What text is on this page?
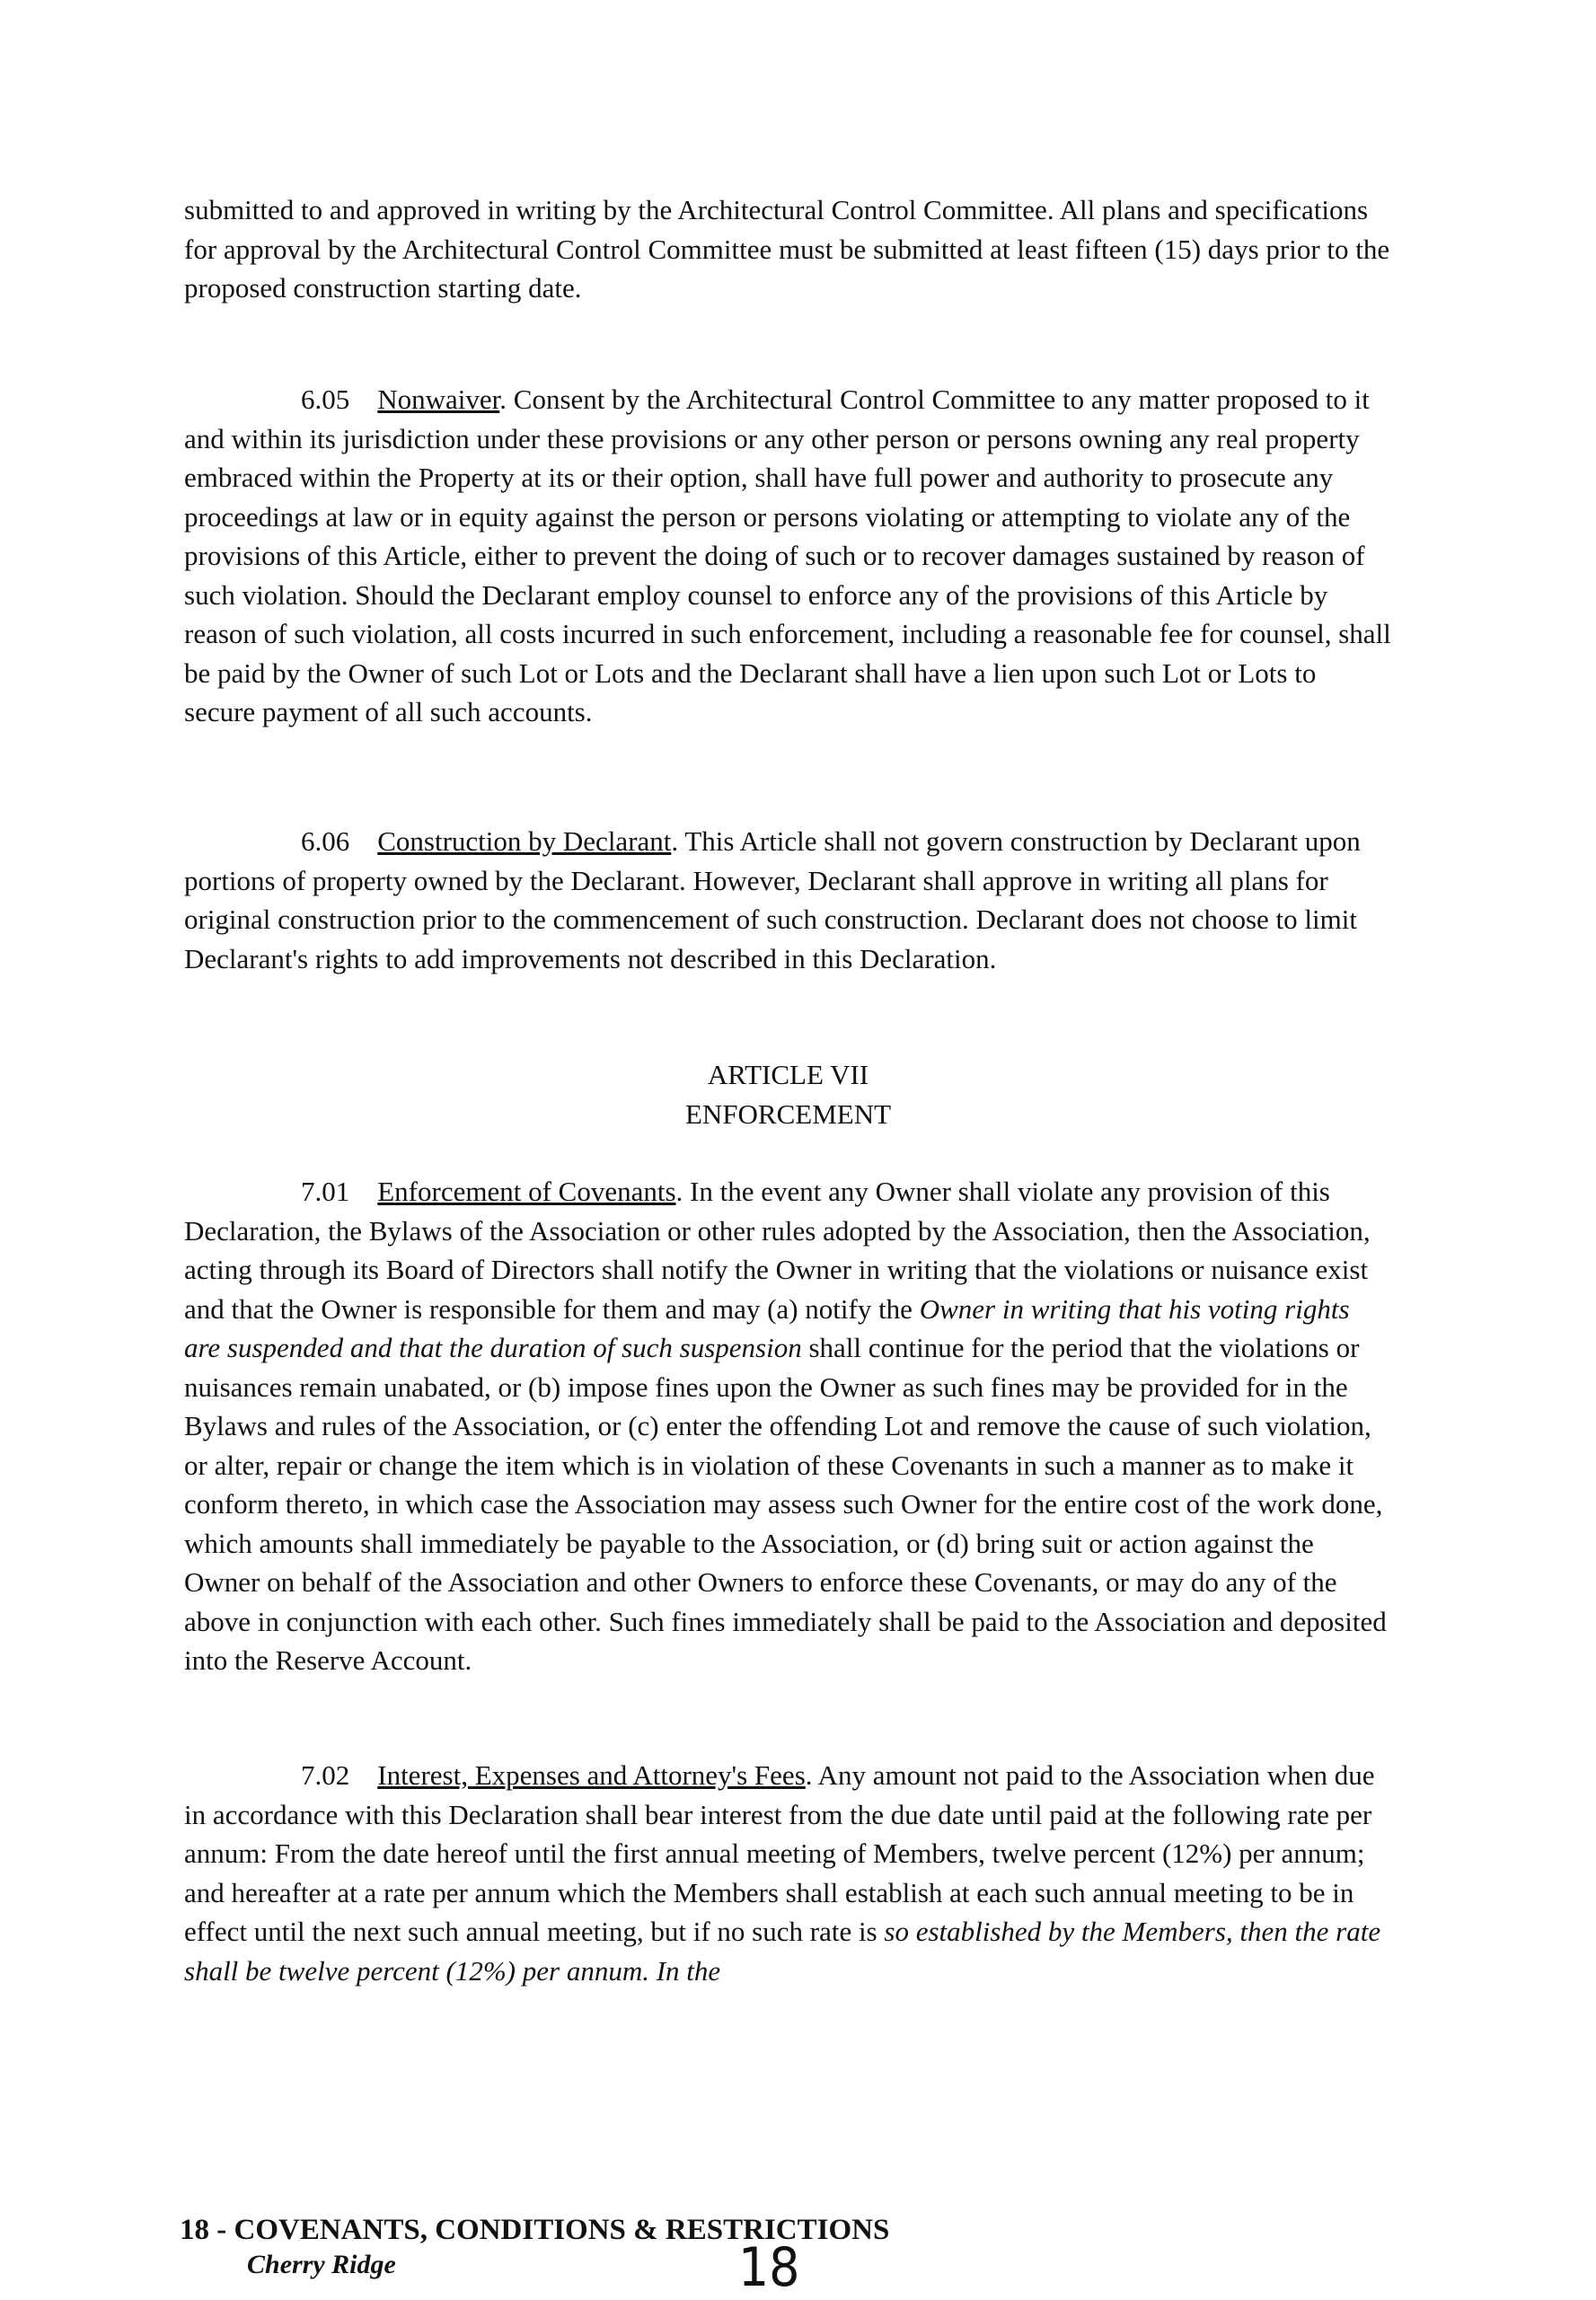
submitted to and approved in writing by the Architectural Control Committee. All plans and specifications for approval by the Architectural Control Committee must be submitted at least fifteen (15) days prior to the proposed construction starting date.

6.05 Nonwaiver. Consent by the Architectural Control Committee to any matter proposed to it and within its jurisdiction under these provisions or any other person or persons owning any real property embraced within the Property at its or their option, shall have full power and authority to prosecute any proceedings at law or in equity against the person or persons violating or attempting to violate any of the provisions of this Article, either to prevent the doing of such or to recover damages sustained by reason of such violation. Should the Declarant employ counsel to enforce any of the provisions of this Article by reason of such violation, all costs incurred in such enforcement, including a reasonable fee for counsel, shall be paid by the Owner of such Lot or Lots and the Declarant shall have a lien upon such Lot or Lots to secure payment of all such accounts.

6.06 Construction by Declarant. This Article shall not govern construction by Declarant upon portions of property owned by the Declarant. However, Declarant shall approve in writing all plans for original construction prior to the commencement of such construction. Declarant does not choose to limit Declarant's rights to add improvements not described in this Declaration.

ARTICLE VII
ENFORCEMENT

7.01 Enforcement of Covenants. In the event any Owner shall violate any provision of this Declaration, the Bylaws of the Association or other rules adopted by the Association, then the Association, acting through its Board of Directors shall notify the Owner in writing that the violations or nuisance exist and that the Owner is responsible for them and may (a) notify the Owner in writing that his voting rights are suspended and that the duration of such suspension shall continue for the period that the violations or nuisances remain unabated, or (b) impose fines upon the Owner as such fines may be provided for in the Bylaws and rules of the Association, or (c) enter the offending Lot and remove the cause of such violation, or alter, repair or change the item which is in violation of these Covenants in such a manner as to make it conform thereto, in which case the Association may assess such Owner for the entire cost of the work done, which amounts shall immediately be payable to the Association, or (d) bring suit or action against the Owner on behalf of the Association and other Owners to enforce these Covenants, or may do any of the above in conjunction with each other. Such fines immediately shall be paid to the Association and deposited into the Reserve Account.

7.02 Interest, Expenses and Attorney's Fees. Any amount not paid to the Association when due in accordance with this Declaration shall bear interest from the due date until paid at the following rate per annum: From the date hereof until the first annual meeting of Members, twelve percent (12%) per annum; and hereafter at a rate per annum which the Members shall establish at each such annual meeting to be in effect until the next such annual meeting, but if no such rate is so established by the Members, then the rate shall be twelve percent (12%) per annum. In the

18 - COVENANTS, CONDITIONS & RESTRICTIONS
Cherry Ridge	18
